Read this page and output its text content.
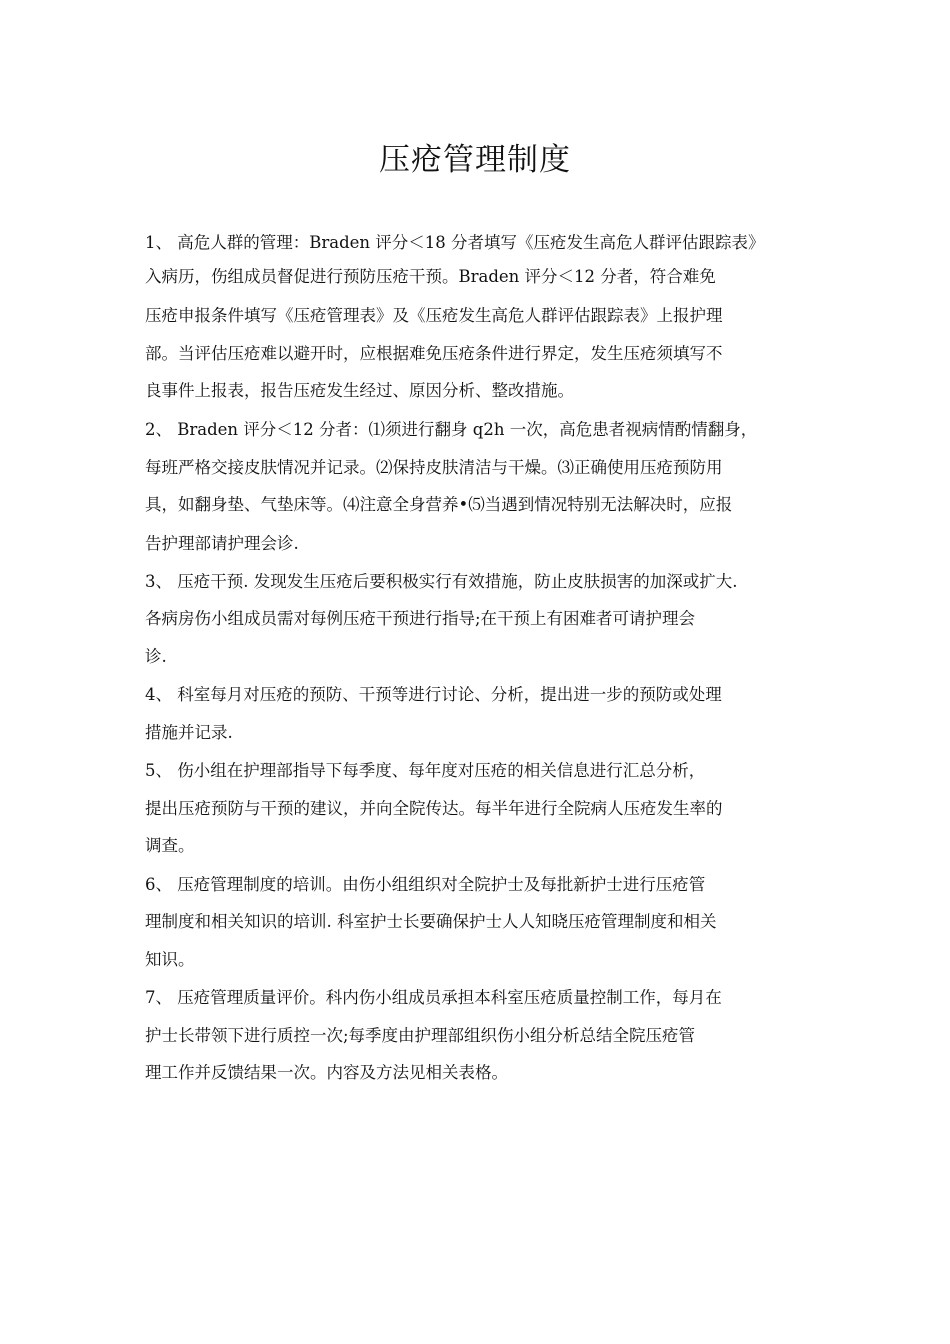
压疮管理制度

1、 高危人群的管理：Braden 评分＜18 分者填写《压疮发生高危人群评估跟踪表》

入病历，伤组成员督促进行预防压疮干预。Braden 评分＜12 分者，符合难免

压疮申报条件填写《压疮管理表》及《压疮发生高危人群评估跟踪表》上报护理

部。当评估压疮难以避开时，应根据难免压疮条件进行界定，发生压疮须填写不

良事件上报表，报告压疮发生经过、原因分析、整改措施。

2、 Braden 评分＜12 分者：⑴须进行翻身 q2h 一次，高危患者视病情酌情翻身，

每班严格交接皮肤情况并记录。⑵保持皮肤清洁与干燥。⑶正确使用压疮预防用

具，如翻身垫、气垫床等。⑷注意全身营养•⑸当遇到情况特别无法解决时，应报

告护理部请护理会诊.

3、 压疮干预. 发现发生压疮后要积极实行有效措施，防止皮肤损害的加深或扩大.

各病房伤小组成员需对每例压疮干预进行指导;在干预上有困难者可请护理会

诊.

4、 科室每月对压疮的预防、干预等进行讨论、分析，提出进一步的预防或处理

措施并记录.

5、 伤小组在护理部指导下每季度、每年度对压疮的相关信息进行汇总分析，

提出压疮预防与干预的建议，并向全院传达。每半年进行全院病人压疮发生率的

调查。

6、 压疮管理制度的培训。由伤小组组织对全院护士及每批新护士进行压疮管

理制度和相关知识的培训. 科室护士长要确保护士人人知晓压疮管理制度和相关

知识。

7、 压疮管理质量评价。科内伤小组成员承担本科室压疮质量控制工作，每月在

护士长带领下进行质控一次;每季度由护理部组织伤小组分析总结全院压疮管

理工作并反馈结果一次。内容及方法见相关表格。
